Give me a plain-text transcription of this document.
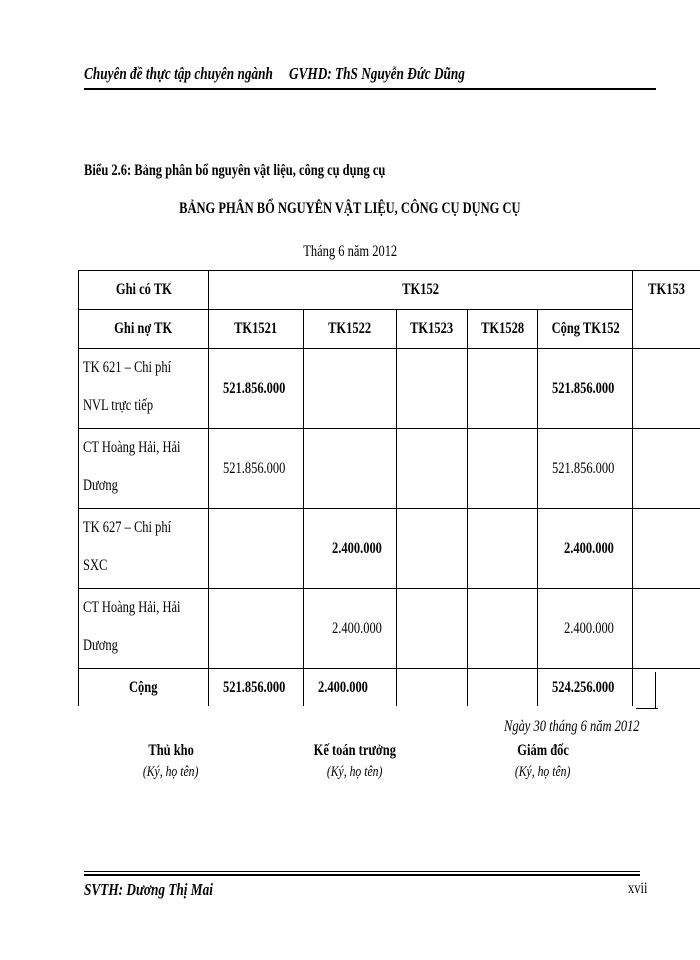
Chuyên đề thực tập chuyên ngành GVHD: ThS Nguyễn Đức Dũng
Biểu 2.6: Bảng phân bổ nguyên vật liệu, công cụ dụng cụ
BẢNG PHÂN BỔ NGUYÊN VẬT LIỆU, CÔNG CỤ DỤNG CỤ
Tháng 6 năm 2012
Ghi có TK	TK152					TK153
Ghi nợ TK	TK1521	TK1522	TK1523	TK1528	Cộng TK152	
TK 621 – Chi phí
NVL trực tiếp	521.856.000				521.856.000	
CT Hoàng Hải, Hải
Dương	521.856.000				521.856.000	
TK 627 – Chi phí
SXC		2.400.000			2.400.000	
CT Hoàng Hải, Hải
Dương		2.400.000			2.400.000	
Cộng	521.856.000	2.400.000			524.256.000	
Ngày 30 tháng 6 năm 2012
Thủ kho
(Ký, họ tên)
Kế toán trưởng
(Ký, họ tên)
Giám đốc
(Ký, họ tên)
SVTH: Dương Thị Mai	xvii
